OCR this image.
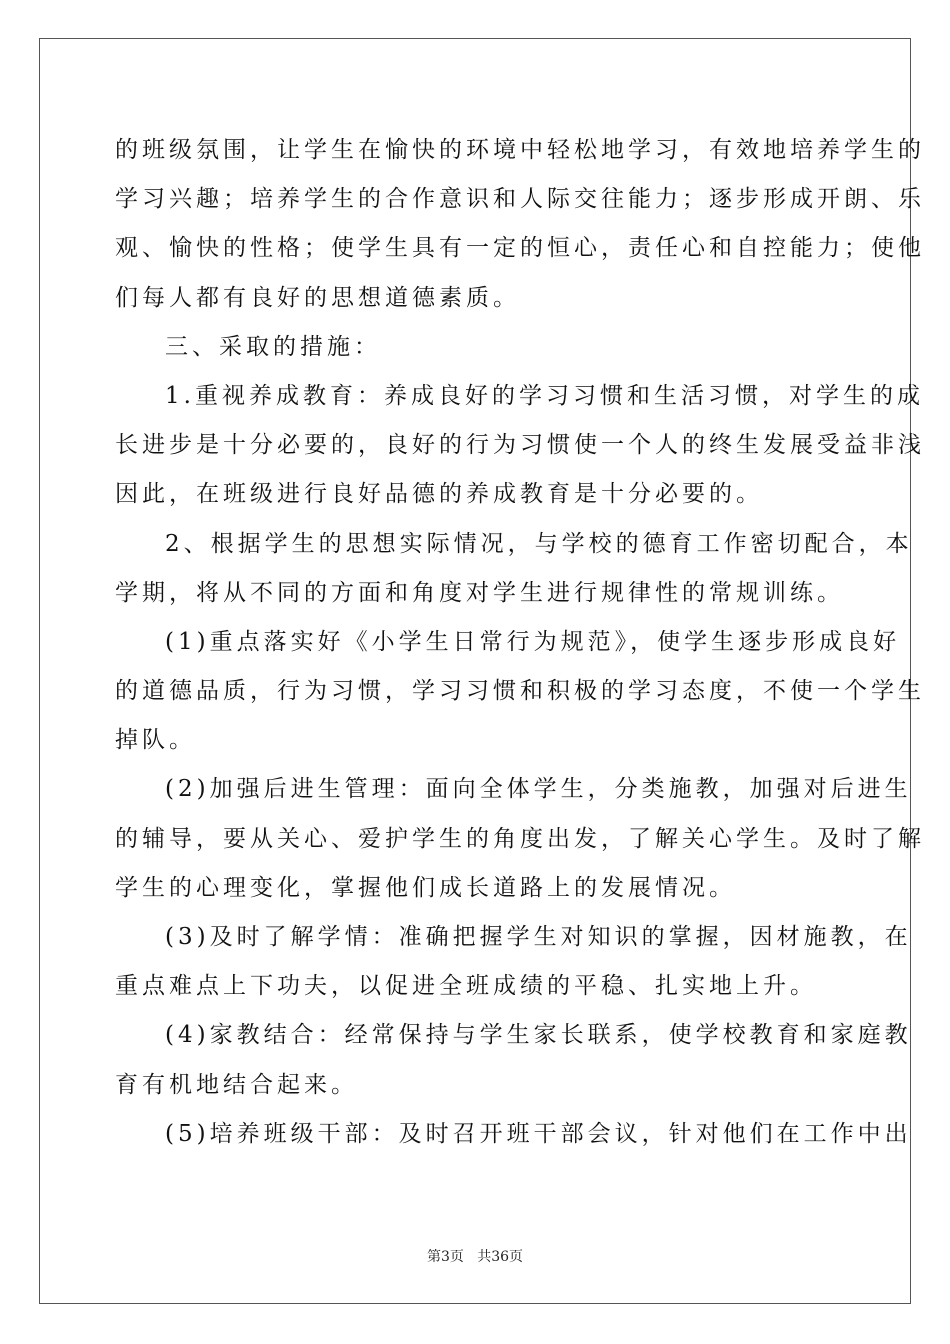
的班级氛围，让学生在愉快的环境中轻松地学习，有效地培养学生的
学习兴趣；培养学生的合作意识和人际交往能力；逐步形成开朗、乐
观、愉快的性格；使学生具有一定的恒心，责任心和自控能力；使他
们每人都有良好的思想道德素质。
三、采取的措施：
1.重视养成教育：养成良好的学习习惯和生活习惯，对学生的成
长进步是十分必要的，良好的行为习惯使一个人的终生发展受益非浅
因此，在班级进行良好品德的养成教育是十分必要的。
2、根据学生的思想实际情况，与学校的德育工作密切配合，本
学期，将从不同的方面和角度对学生进行规律性的常规训练。
(1)重点落实好《小学生日常行为规范》，使学生逐步形成良好
的道德品质，行为习惯，学习习惯和积极的学习态度，不使一个学生
掉队。
(2)加强后进生管理：面向全体学生，分类施教，加强对后进生
的辅导，要从关心、爱护学生的角度出发，了解关心学生。及时了解
学生的心理变化，掌握他们成长道路上的发展情况。
(3)及时了解学情：准确把握学生对知识的掌握，因材施教，在
重点难点上下功夫，以促进全班成绩的平稳、扎实地上升。
(4)家教结合：经常保持与学生家长联系，使学校教育和家庭教
育有机地结合起来。
(5)培养班级干部：及时召开班干部会议，针对他们在工作中出
第3页   共36页
